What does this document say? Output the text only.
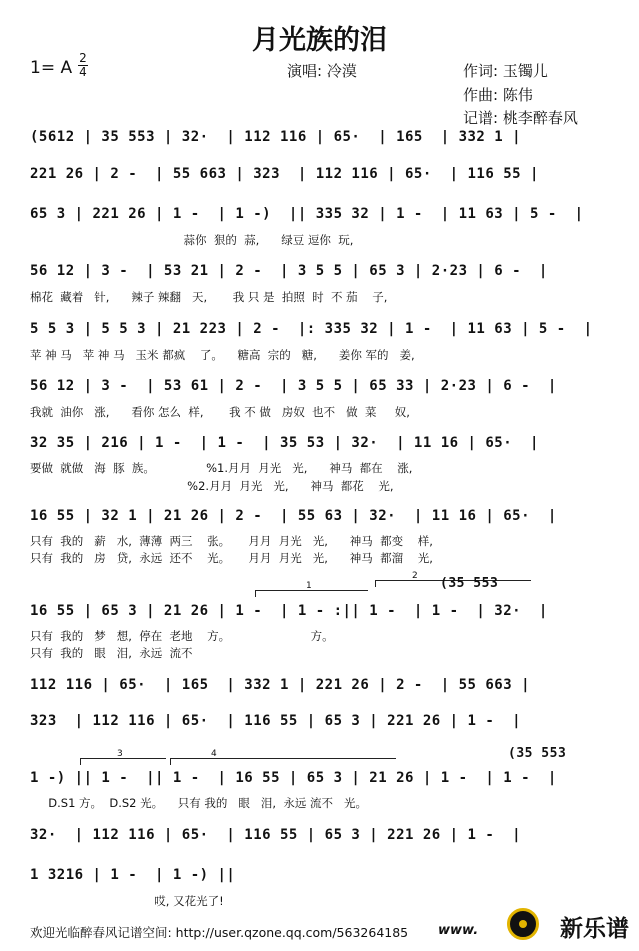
月光族的泪
1= A 2
4	演唱: 冷漠	作词: 玉镯儿
作曲: 陈伟
记谱: 桃李醉春风
(5612 | 35 553 | 32·  | 112 116 | 65·  | 165  | 332 1 |
221 26 | 2 -  | 55 663 | 323  | 112 116 | 65·  | 116 55 |
65 3 | 221 26 | 1 -  | 1 -)  || 335 32 | 1 -  | 11 63 | 5 -  |
蒜你  狠的  蒜,      绿豆 逗你  玩,
56 12 | 3 -  | 53 21 | 2 -  | 3 5 5 | 65 3 | 2·23 | 6 -  |
棉花  藏着   针,      辣子 辣翻   天,       我 只 是  拍照  时  不 茄    子,
5 5 3 | 5 5 3 | 21 223 | 2 -  |: 335 32 | 1 -  | 11 63 | 5 -  |
苹 神 马   苹 神 马   玉米 都疯    了。    糖高  宗的   糖,      姜你 军的   姜,
56 12 | 3 -  | 53 61 | 2 -  | 3 5 5 | 65 33 | 2·23 | 6 -  |
我就  油你   涨,      看你 怎么  样,       我 不 做   房奴  也不   做  菜     奴,
32 35 | 216 | 1 -  | 1 -  | 35 53 | 32·  | 11 16 | 65·  |
要做  就做   海  豚  族。              %1.月月  月光   光,      神马  都在    涨,
%2.月月  月光   光,      神马  都花    光,
16 55 | 32 1 | 21 26 | 2 -  | 55 63 | 32·  | 11 16 | 65·  |
只有  我的   薪   水,  薄薄  两三    张。     月月  月光   光,      神马  都变    样,
只有  我的   房   贷,  永远  还不    光。     月月  月光   光,      神马  都溜    光,
1
2 (35 553
16 55 | 65 3 | 21 26 | 1 -  | 1 - :|| 1 -  | 1 -  | 32·  |
只有  我的   梦   想,  停在  老地    方。                      方。
只有  我的   眼   泪,  永远  流不
112 116 | 65·  | 165  | 332 1 | 221 26 | 2 -  | 55 663 |
323  | 112 116 | 65·  | 116 55 | 65 3 | 221 26 | 1 -  |
3	4	(35 553
1 -) || 1 -  || 1 -  | 16 55 | 65 3 | 21 26 | 1 -  | 1 -  |
D.S1 方。  D.S2 光。    只有 我的   眼   泪,  永远 流不   光。
32·  | 112 116 | 65·  | 116 55 | 65 3 | 221 26 | 1 -  |
1 3216 | 1 -  | 1 -) ||
哎, 又花光了!
欢迎光临醉春风记谱空间: http://user.qzone.qq.com/563264185 www.	新乐谱
